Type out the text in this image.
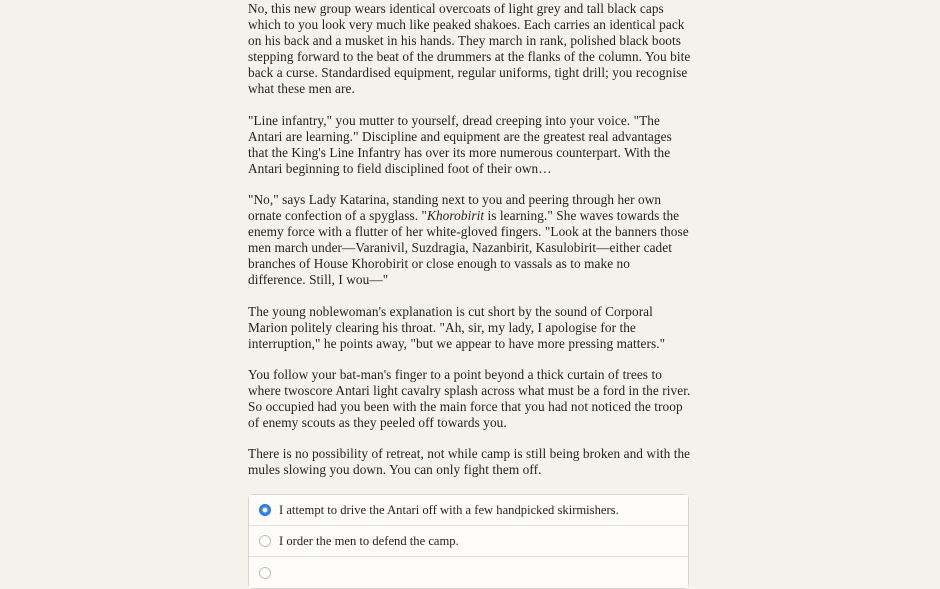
No, this new group wears identical overcoats of light grey and tall black caps which to you look very much like peaked shakoes. Each carries an identical pack on his back and a musket in his hands. They march in rank, polished black boots stepping forward to the beat of the drummers at the flanks of the column. You bite back a curse. Standardised equipment, regular uniforms, tight drill; you recognise what these men are.

"Line infantry," you mutter to yourself, dread creeping into your voice. "The Antari are learning." Discipline and equipment are the greatest real advantages that the King's Line Infantry has over its more numerous counterpart. With the Antari beginning to field disciplined foot of their own…

"No," says Lady Katarina, standing next to you and peering through her own ornate confection of a spyglass. "Khorobirit is learning." She waves towards the enemy force with a flutter of her white-gloved fingers. "Look at the banners those men march under—Varanivil, Suzdragia, Nazanbirit, Kasulobirit—either cadet branches of House Khorobirit or close enough to vassals as to make no difference. Still, I wou—"

The young noblewoman's explanation is cut short by the sound of Corporal Marion politely clearing his throat. "Ah, sir, my lady, I apologise for the interruption," he points away, "but we appear to have more pressing matters."

You follow your bat-man's finger to a point beyond a thick curtain of trees to where twoscore Antari light cavalry splash across what must be a ford in the river. So occupied had you been with the main force that you had not noticed the troop of enemy scouts as they peeled off towards you.

There is no possibility of retreat, not while camp is still being broken and with the mules slowing you down. You can only fight them off.

I attempt to drive the Antari off with a few handpicked skirmishers.
I order the men to defend the camp.
